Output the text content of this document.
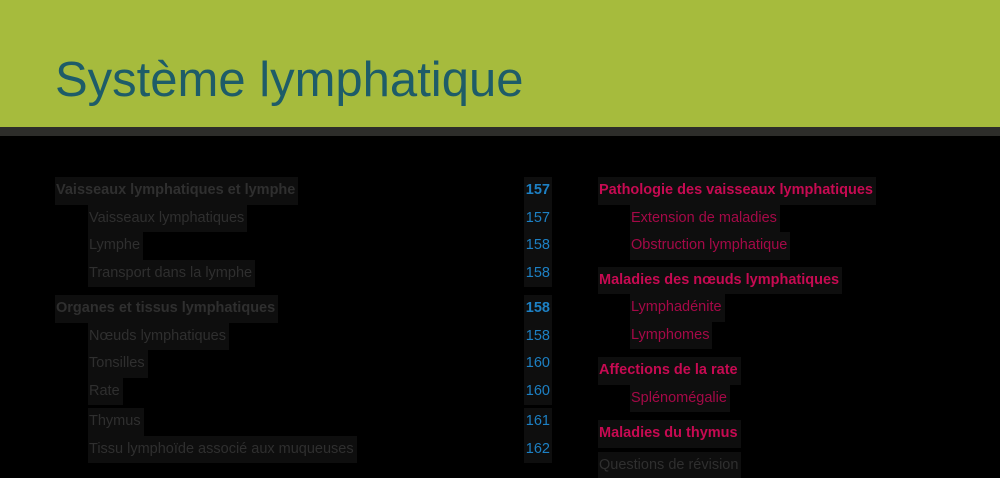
Système lymphatique
Vaisseaux lymphatiques et lymphe	157
Vaisseaux lymphatiques	157
Lymphe	158
Transport dans la lymphe	158
Organes et tissus lymphatiques	158
Nœuds lymphatiques	158
Tonsilles	160
Rate	160
Thymus	161
Tissu lymphoïde associé aux muqueuses	162
Pathologie des vaisseaux lymphatiques
Extension de maladies
Obstruction lymphatique
Maladies des nœuds lymphatiques
Lymphadénite
Lymphomes
Affections de la rate
Splénomégalie
Maladies du thymus
Questions de révision
